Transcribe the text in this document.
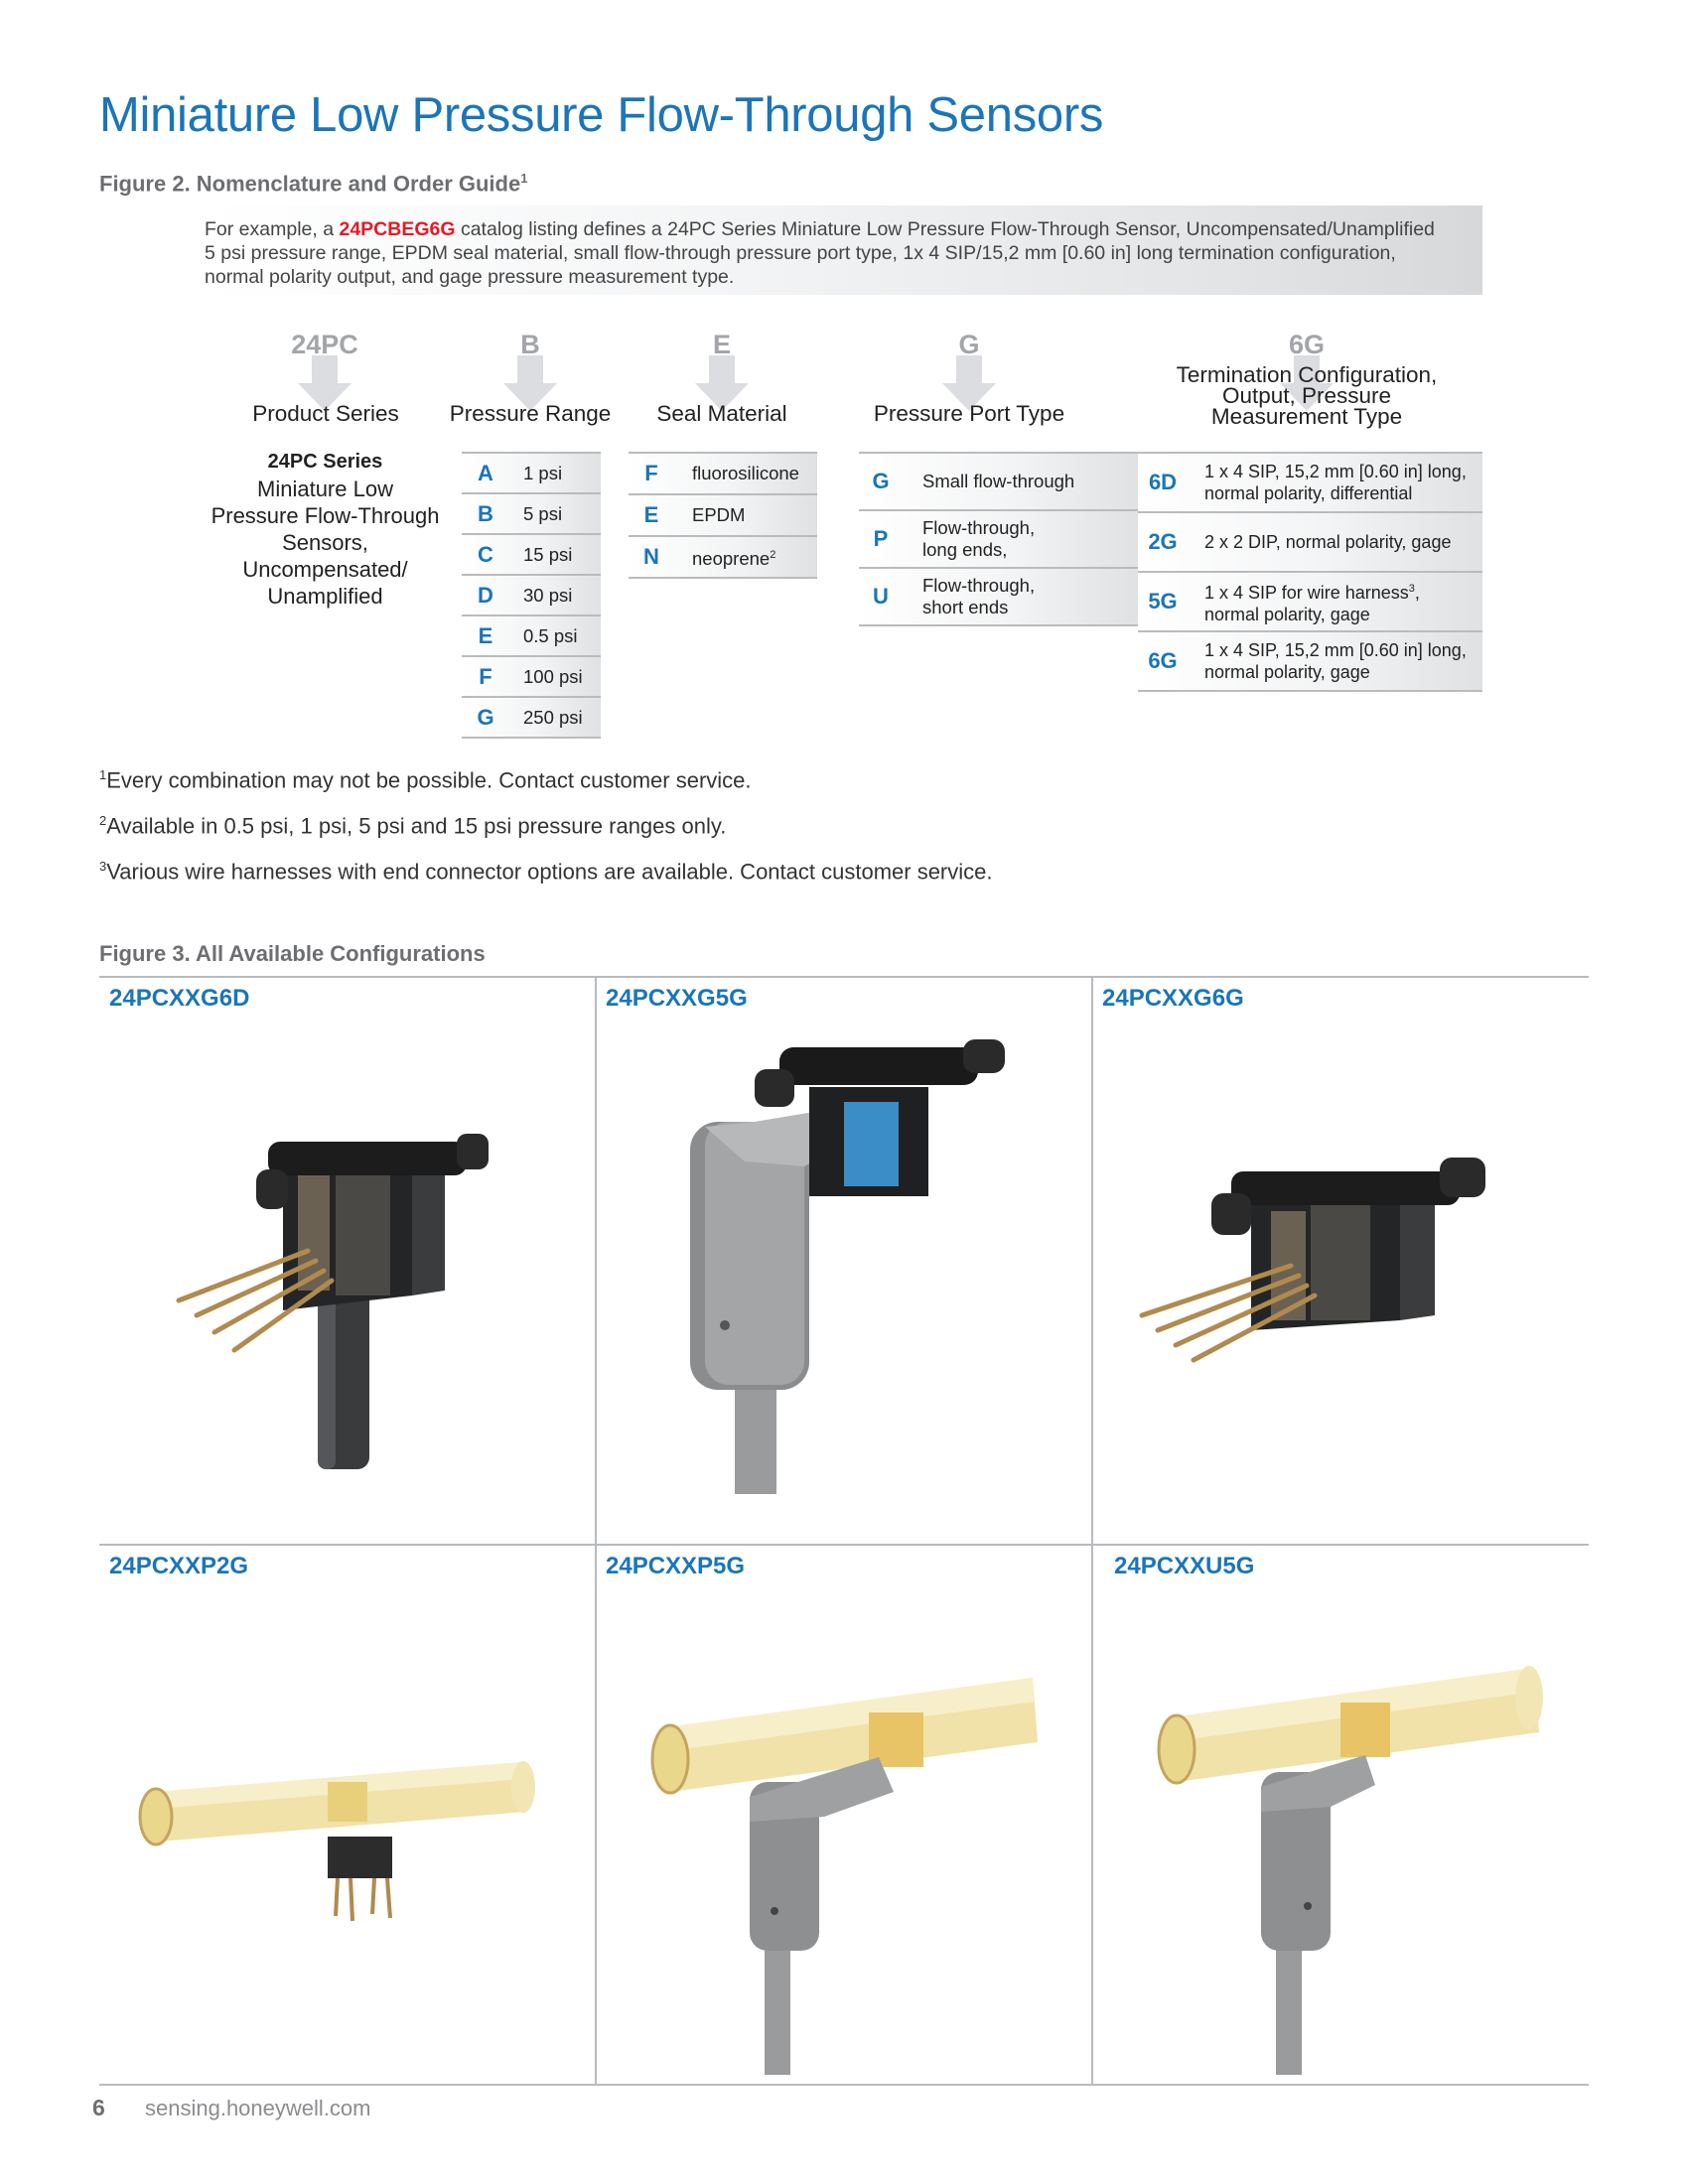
Miniature Low Pressure Flow-Through Sensors
Figure 2. Nomenclature and Order Guide$^1$
For example, a 24PCBEG6G catalog listing defines a 24PC Series Miniature Low Pressure Flow-Through Sensor, Uncompensated/Unamplified
5 psi pressure range, EPDM seal material, small flow-through pressure port type, 1x 4 SIP/15,2 mm [0.60 in] long termination configuration,
normal polarity output, and gage pressure measurement type.
24PC
Product Series
B
Pressure Range
E
Seal Material
G
Pressure Port Type
6G
Termination Configuration,
Output, Pressure
Measurement Type
24PC Series
Miniature Low
Pressure Flow-Through
Sensors,
Uncompensated/
Unamplified
A	1 psi
B	5 psi
C	15 psi
D	30 psi
E	0.5 psi
F	100 psi
G	250 psi
F	fluorosilicone
E	EPDM
N	neoprene$^2$
G	Small flow-through
P	Flow-through,
long ends,
U	Flow-through,
short ends
6D	1 x 4 SIP, 15,2 mm [0.60 in] long,
normal polarity, differential
2G	2 x 2 DIP, normal polarity, gage
5G	1 x 4 SIP for wire harness$^3$,
normal polarity, gage
6G	1 x 4 SIP, 15,2 mm [0.60 in] long,
normal polarity, gage
$^1$Every combination may not be possible. Contact customer service.
$^2$Available in 0.5 psi, 1 psi, 5 psi and 15 psi pressure ranges only.
$^3$Various wire harnesses with end connector options are available. Contact customer service.
Figure 3. All Available Configurations
24PCXXG6D	24PCXXG5G	24PCXXG6G
24PCXXP2G	24PCXXP5G	24PCXXU5G
6 sensing.honeywell.com
